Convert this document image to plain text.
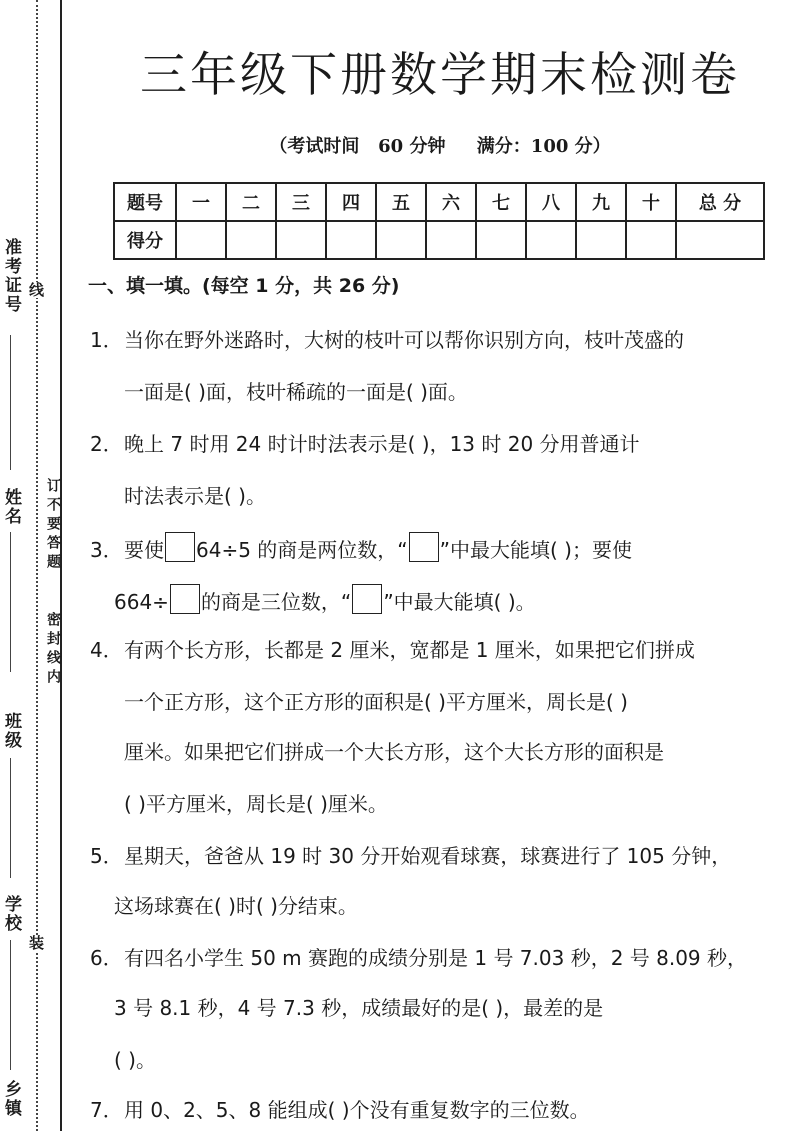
准考证号 线
姓名
班级
学校
装
乡镇
订不要答题
密封线内
三年级下册数学期末检测卷
（考试时间   60 分钟     满分：100 分）
题号	一	二	三	四	五	六	七	八	九	十	总 分
得分											
一、填一填。(每空 1 分，共 26 分)
1．当你在野外迷路时，大树的枝叶可以帮你识别方向，枝叶茂盛的
一面是( )面，枝叶稀疏的一面是( )面。
2．晚上 7 时用 24 时计时法表示是( )，13 时 20 分用普通计
时法表示是( )。
3．要使 64÷5 的商是两位数，“ ”中最大能填( )；要使
664÷ 的商是三位数，“ ”中最大能填( )。
4．有两个长方形，长都是 2 厘米，宽都是 1 厘米，如果把它们拼成
一个正方形，这个正方形的面积是( )平方厘米，周长是( )
厘米。如果把它们拼成一个大长方形，这个大长方形的面积是
( )平方厘米，周长是( )厘米。
5．星期天，爸爸从 19 时 30 分开始观看球赛，球赛进行了 105 分钟，
这场球赛在( )时( )分结束。
6．有四名小学生 50 m 赛跑的成绩分别是 1 号 7.03 秒，2 号 8.09 秒，
3 号 8.1 秒，4 号 7.3 秒，成绩最好的是( )，最差的是
( )。
7．用 0、2、5、8 能组成( )个没有重复数字的三位数。
